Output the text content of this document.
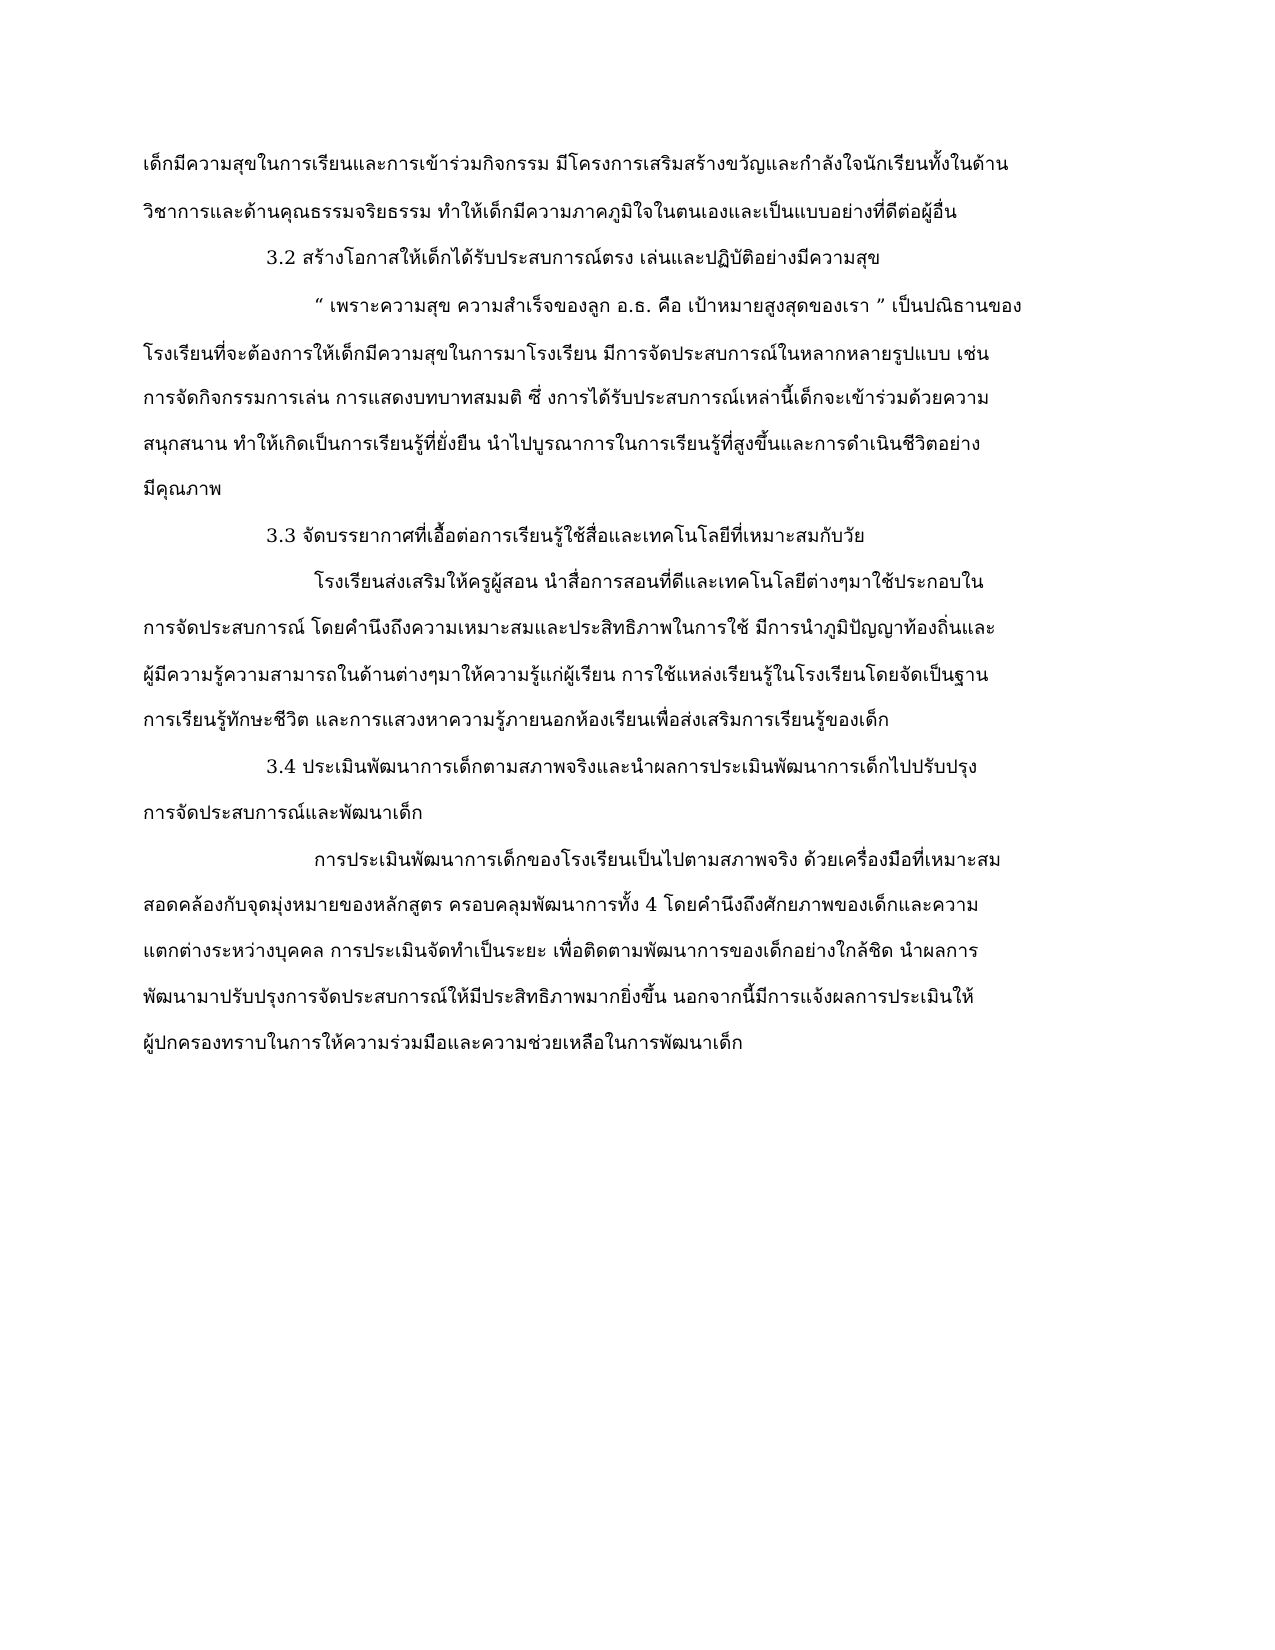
เด็กมีความสุขในการเรียนและการเข้าร่วมกิจกรรม มีโครงการเสริมสร้างขวัญและกำลังใจนักเรียนทั้งในด้าน
วิชาการและด้านคุณธรรมจริยธรรม ทำให้เด็กมีความภาคภูมิใจในตนเองและเป็นแบบอย่างที่ดีต่อผู้อื่น
3.2 สร้างโอกาสให้เด็กได้รับประสบการณ์ตรง เล่นและปฏิบัติอย่างมีความสุข
“ เพราะความสุข ความสำเร็จของลูก อ.ธ. คือ เป้าหมายสูงสุดของเรา ” เป็นปณิธานของ
โรงเรียนที่จะต้องการให้เด็กมีความสุขในการมาโรงเรียน มีการจัดประสบการณ์ในหลากหลายรูปแบบ เช่น
การจัดกิจกรรมการเล่น การแสดงบทบาทสมมติ ซึ่ งการได้รับประสบการณ์เหล่านี้เด็กจะเข้าร่วมด้วยความ
สนุกสนาน ทำให้เกิดเป็นการเรียนรู้ที่ยั่งยืน นำไปบูรณาการในการเรียนรู้ที่สูงขึ้นและการดำเนินชีวิตอย่าง
มีคุณภาพ
3.3 จัดบรรยากาศที่เอื้อต่อการเรียนรู้ใช้สื่อและเทคโนโลยีที่เหมาะสมกับวัย
โรงเรียนส่งเสริมให้ครูผู้สอน นำสื่อการสอนที่ดีและเทคโนโลยีต่างๆมาใช้ประกอบใน
การจัดประสบการณ์ โดยคำนึงถึงความเหมาะสมและประสิทธิภาพในการใช้ มีการนำภูมิปัญญาท้องถิ่นและ
ผู้มีความรู้ความสามารถในด้านต่างๆมาให้ความรู้แก่ผู้เรียน การใช้แหล่งเรียนรู้ในโรงเรียนโดยจัดเป็นฐาน
การเรียนรู้ทักษะชีวิต และการแสวงหาความรู้ภายนอกห้องเรียนเพื่อส่งเสริมการเรียนรู้ของเด็ก
3.4 ประเมินพัฒนาการเด็กตามสภาพจริงและนำผลการประเมินพัฒนาการเด็กไปปรับปรุง
การจัดประสบการณ์และพัฒนาเด็ก
การประเมินพัฒนาการเด็กของโรงเรียนเป็นไปตามสภาพจริง ด้วยเครื่องมือที่เหมาะสม
สอดคล้องกับจุดมุ่งหมายของหลักสูตร ครอบคลุมพัฒนาการทั้ง 4 โดยคำนึงถึงศักยภาพของเด็กและความ
แตกต่างระหว่างบุคคล การประเมินจัดทำเป็นระยะ เพื่อติดตามพัฒนาการของเด็กอย่างใกล้ชิด นำผลการ
พัฒนามาปรับปรุงการจัดประสบการณ์ให้มีประสิทธิภาพมากยิ่งขึ้น นอกจากนี้มีการแจ้งผลการประเมินให้
ผู้ปกครองทราบในการให้ความร่วมมือและความช่วยเหลือในการพัฒนาเด็ก
